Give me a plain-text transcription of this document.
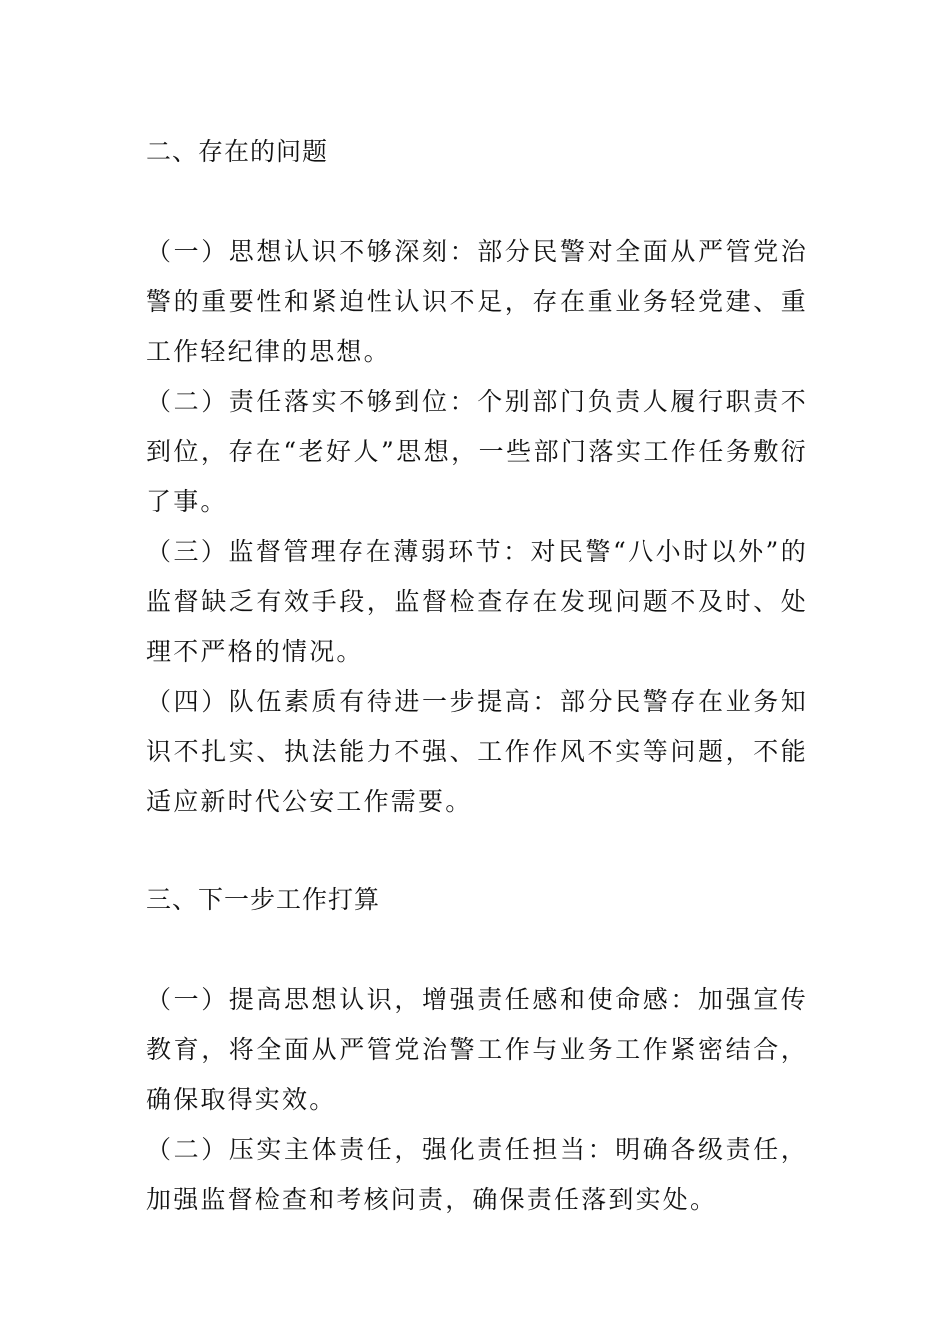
二、存在的问题

（一）思想认识不够深刻：部分民警对全面从严管党治警的重要性和紧迫性认识不足，存在重业务轻党建、重工作轻纪律的思想。

（二）责任落实不够到位：个别部门负责人履行职责不到位，存在“老好人”思想，一些部门落实工作任务敷衍了事。

（三）监督管理存在薄弱环节：对民警“八小时以外”的监督缺乏有效手段，监督检查存在发现问题不及时、处理不严格的情况。

（四）队伍素质有待进一步提高：部分民警存在业务知识不扎实、执法能力不强、工作作风不实等问题，不能适应新时代公安工作需要。

三、下一步工作打算

（一）提高思想认识，增强责任感和使命感：加强宣传教育，将全面从严管党治警工作与业务工作紧密结合，确保取得实效。

（二）压实主体责任，强化责任担当：明确各级责任，加强监督检查和考核问责，确保责任落到实处。
